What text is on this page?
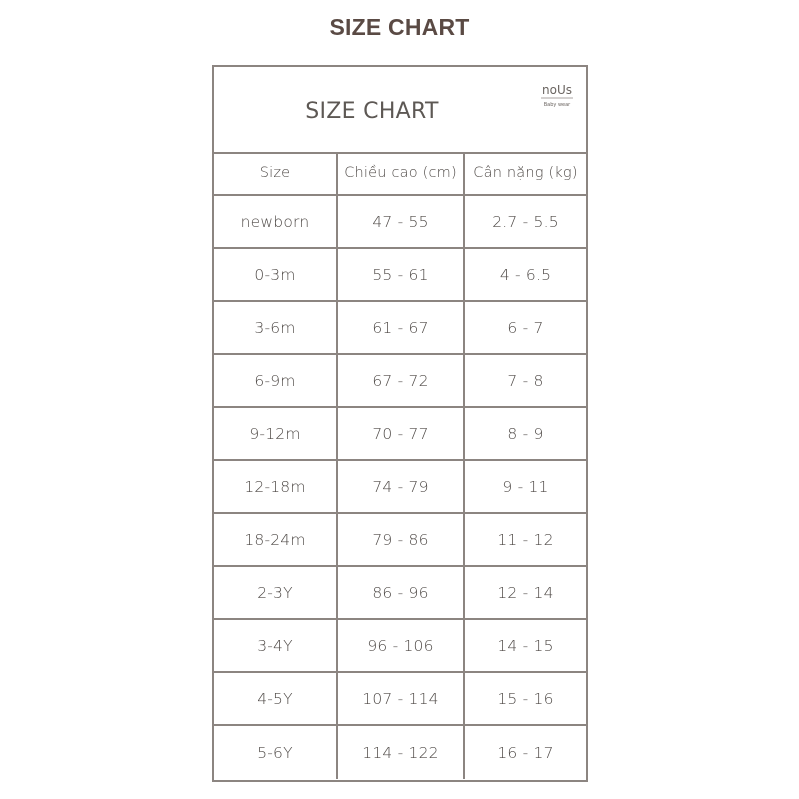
SIZE CHART
SIZE CHART
noUs
Baby wear
Size	Chiều cao (cm)	Cân nặng (kg)
newborn	47 - 55	2.7 - 5.5
0-3m	55 - 61	4 - 6.5
3-6m	61 - 67	6 - 7
6-9m	67 - 72	7 - 8
9-12m	70 - 77	8 - 9
12-18m	74 - 79	9 - 11
18-24m	79 - 86	11 - 12
2-3Y	86 - 96	12 - 14
3-4Y	96 - 106	14 - 15
4-5Y	107 - 114	15 - 16
5-6Y	114 - 122	16 - 17
